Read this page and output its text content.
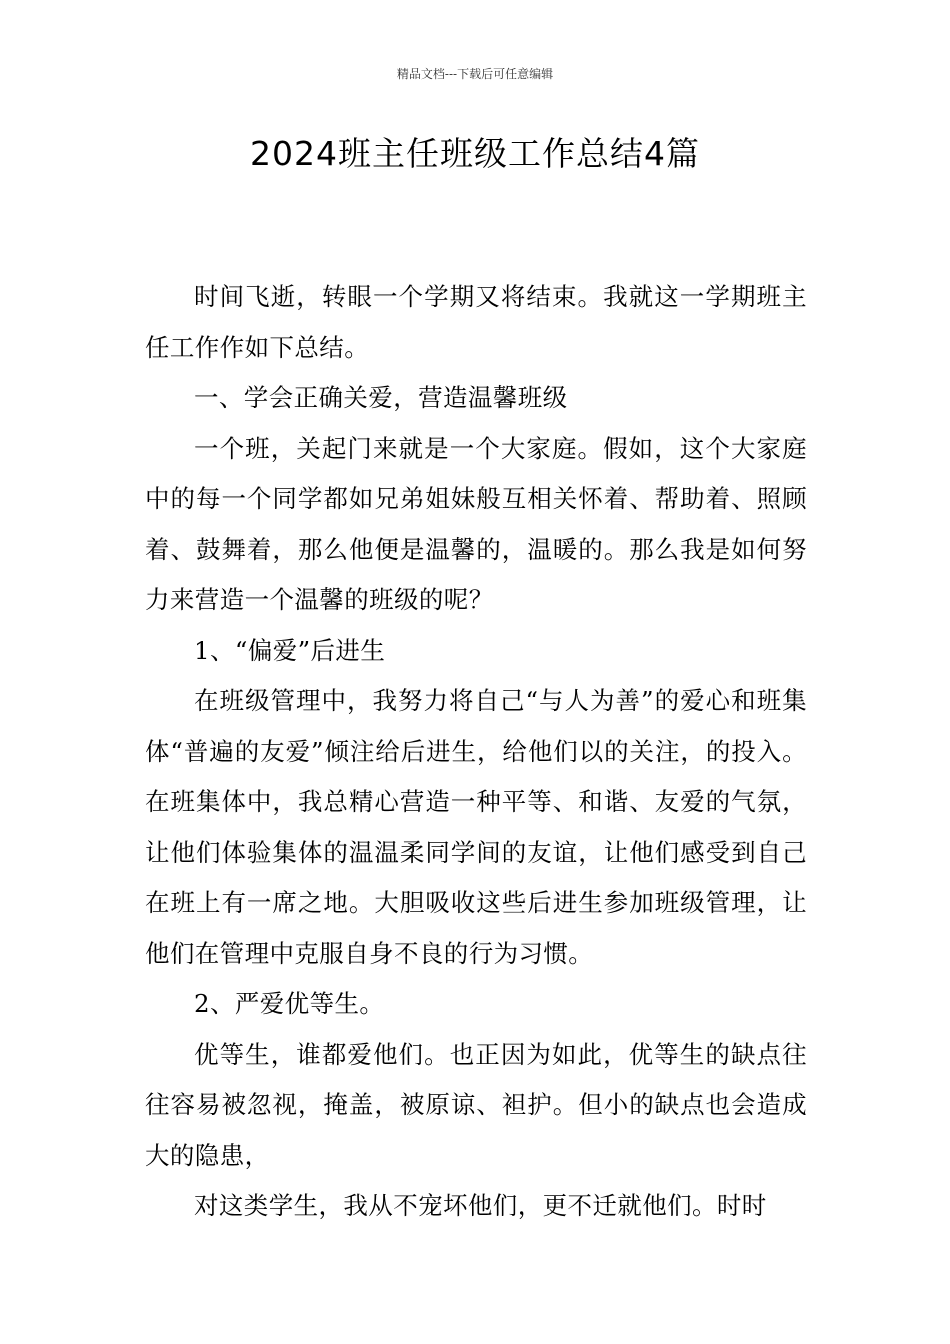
精品文档---下载后可任意编辑
2024班主任班级工作总结4篇

时间飞逝，转眼一个学期又将结束。我就这一学期班主任工作作如下总结。

一、学会正确关爱，营造温馨班级

一个班，关起门来就是一个大家庭。假如，这个大家庭中的每一个同学都如兄弟姐妹般互相关怀着、帮助着、照顾着、鼓舞着，那么他便是温馨的，温暖的。那么我是如何努力来营造一个温馨的班级的呢？

1、“偏爱”后进生

在班级管理中，我努力将自己“与人为善”的爱心和班集体“普遍的友爱”倾注给后进生，给他们以的关注，的投入。在班集体中，我总精心营造一种平等、和谐、友爱的气氛，让他们体验集体的温温柔同学间的友谊，让他们感受到自己在班上有一席之地。大胆吸收这些后进生参加班级管理，让他们在管理中克服自身不良的行为习惯。

2、严爱优等生。

优等生，谁都爱他们。也正因为如此，优等生的缺点往往容易被忽视，掩盖，被原谅、袒护。但小的缺点也会造成大的隐患，

对这类学生，我从不宠坏他们，更不迁就他们。时时
